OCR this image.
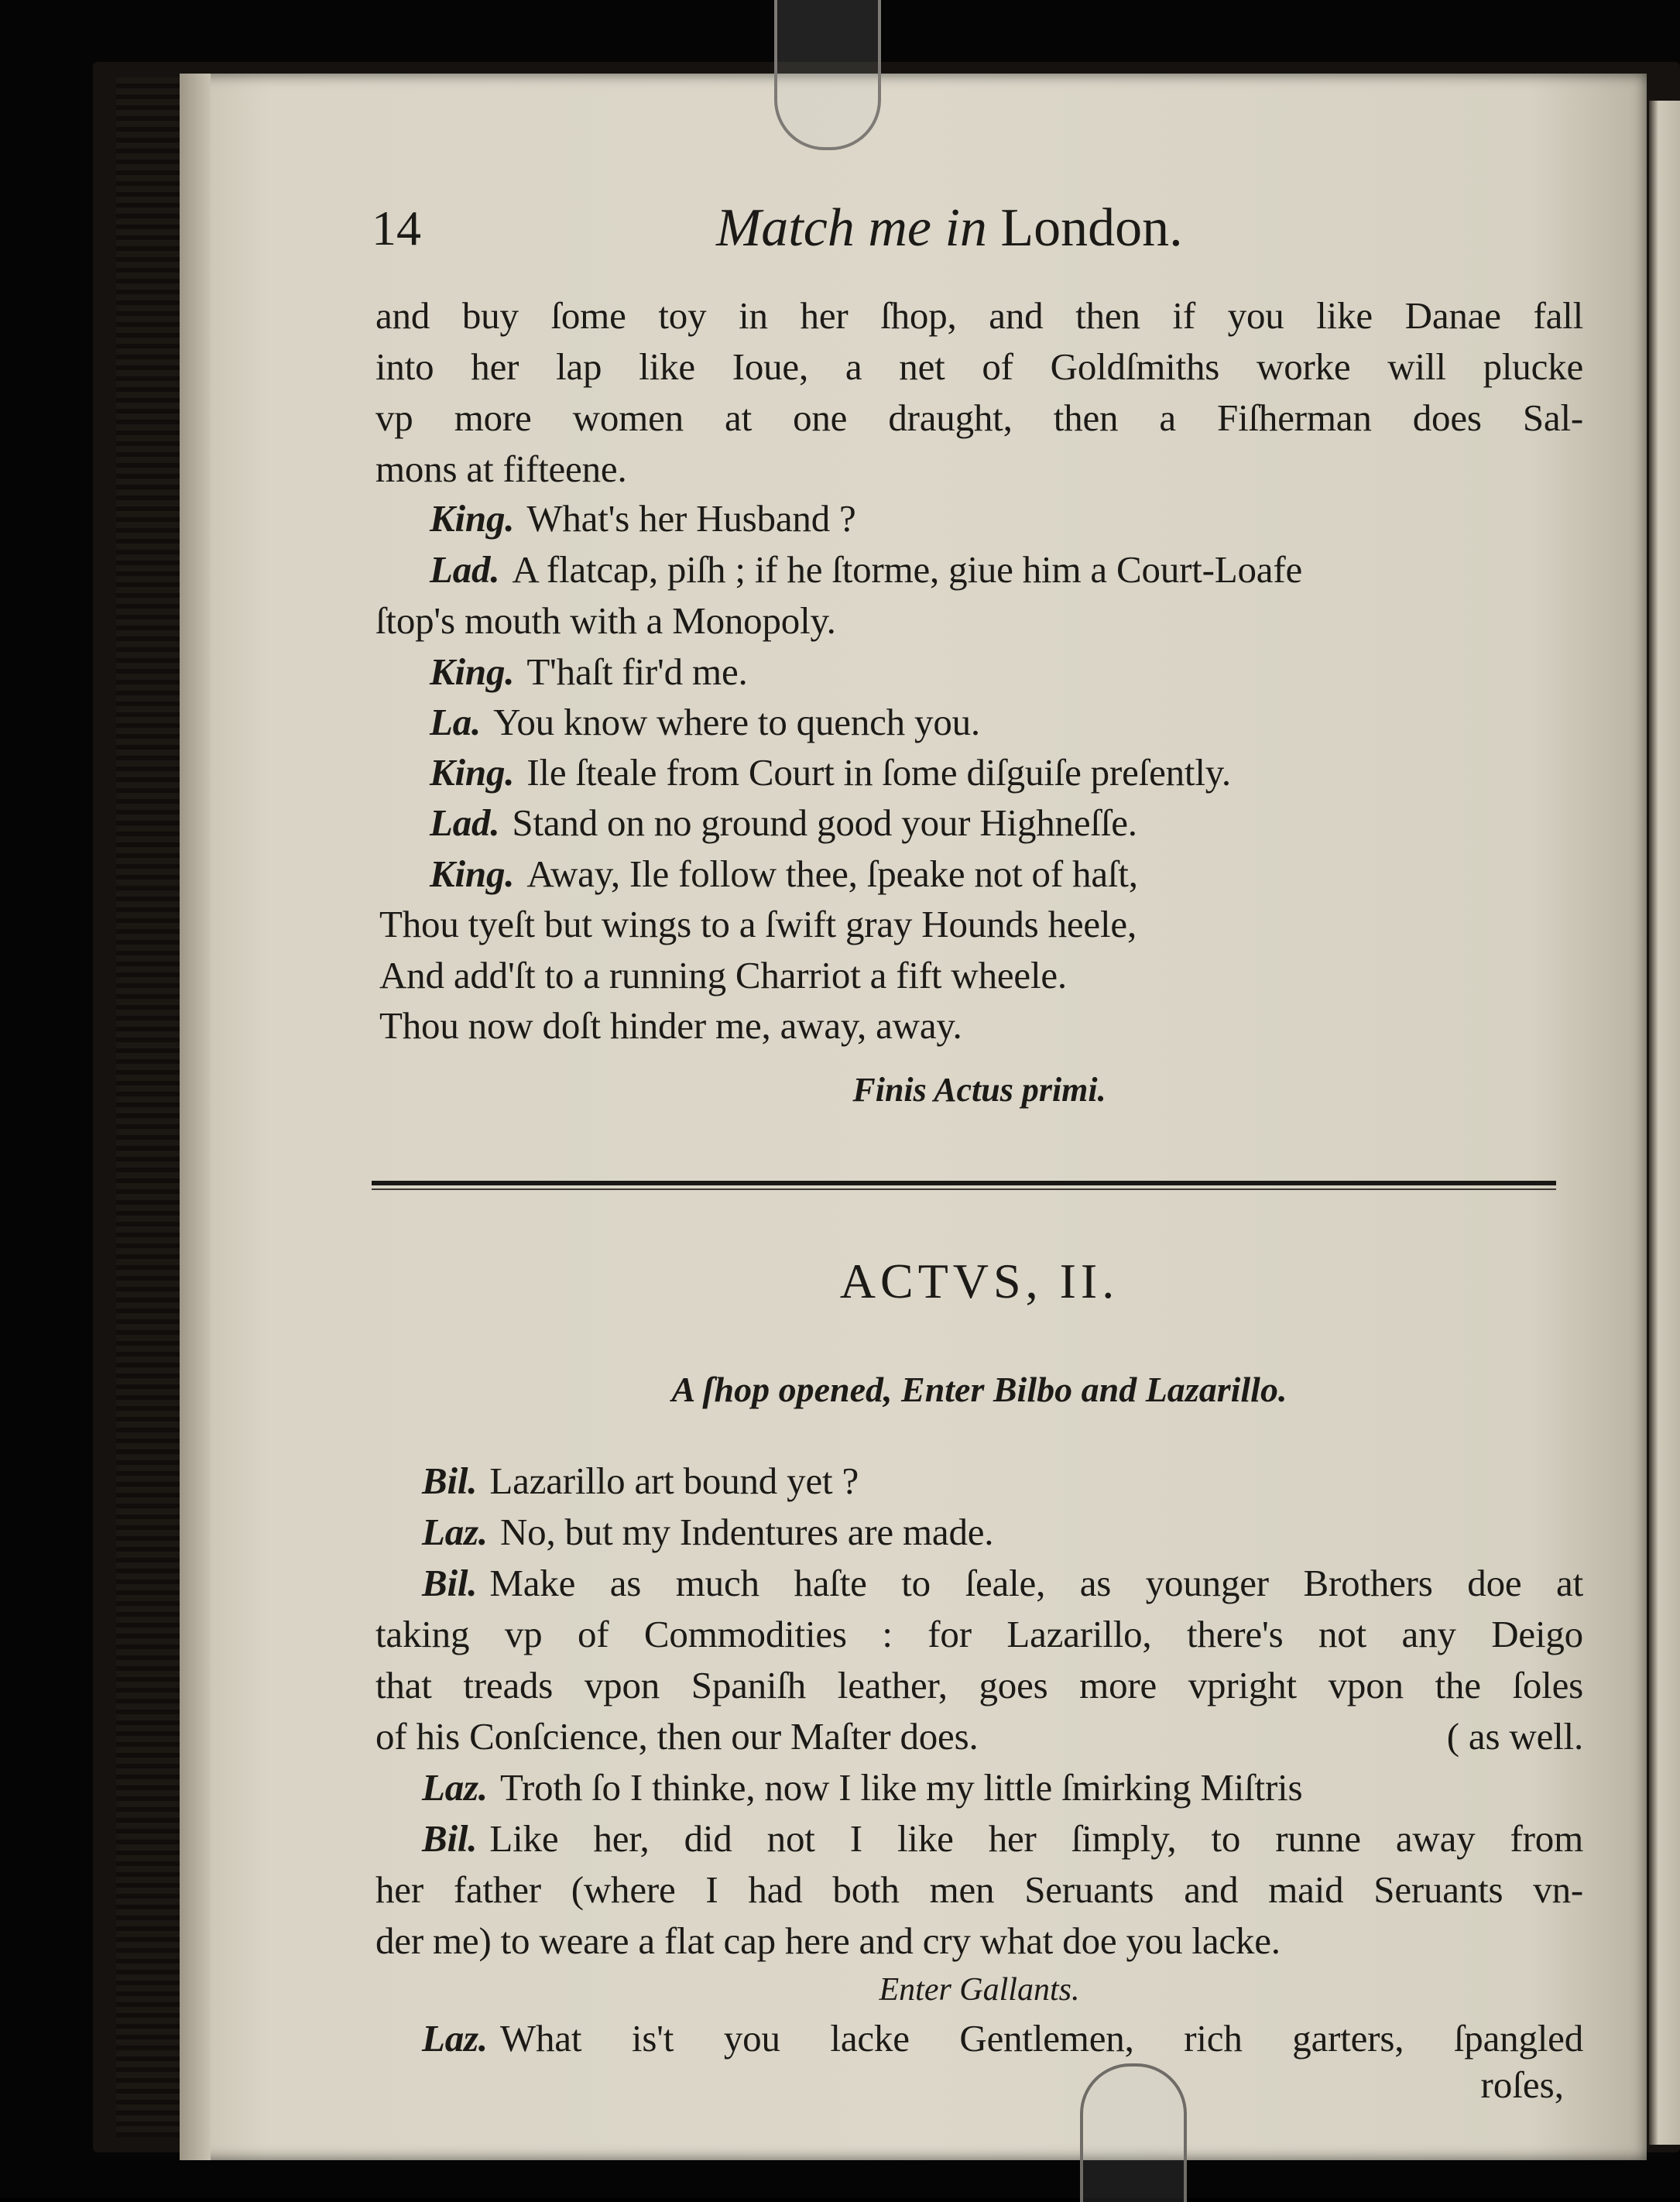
14	Match me in London.
and buy ſome toy in her ſhop, and then if you like Danae fall
into her lap like Ioue, a net of Goldſmiths worke will plucke
vp more women at one draught, then a Fiſherman does Sal-
mons at fifteene.
King. What's her Husband ?
Lad. A flatcap, piſh ; if he ſtorme, giue him a Court-Loafe
ſtop's mouth with a Monopoly.
King. T'haſt fir'd me.
La. You know where to quench you.
King. Ile ſteale from Court in ſome diſguiſe preſently.
Lad. Stand on no ground good your Highneſſe.
King. Away, Ile follow thee, ſpeake not of haſt,
Thou tyeſt but wings to a ſwift gray Hounds heele,
And add'ſt to a running Charriot a fift wheele.
Thou now doſt hinder me, away, away.
Finis Actus primi.
ACTVS, II.
A ſhop opened, Enter Bilbo and Lazarillo.
Bil. Lazarillo art bound yet ?
Laz. No, but my Indentures are made.
Bil. Make as much haſte to ſeale, as younger Brothers doe at
taking vp of Commodities : for Lazarillo, there's not any Deigo
that treads vpon Spaniſh leather, goes more vpright vpon the ſoles
of his Conſcience, then our Maſter does.	( as well.
Laz. Troth ſo I thinke, now I like my little ſmirking Miſtris
Bil. Like her, did not I like her ſimply, to runne away from
her father (where I had both men Seruants and maid Seruants vn-
der me) to weare a flat cap here and cry what doe you lacke.
Enter Gallants.
Laz. What is't you lacke Gentlemen, rich garters, ſpangled
roſes,
